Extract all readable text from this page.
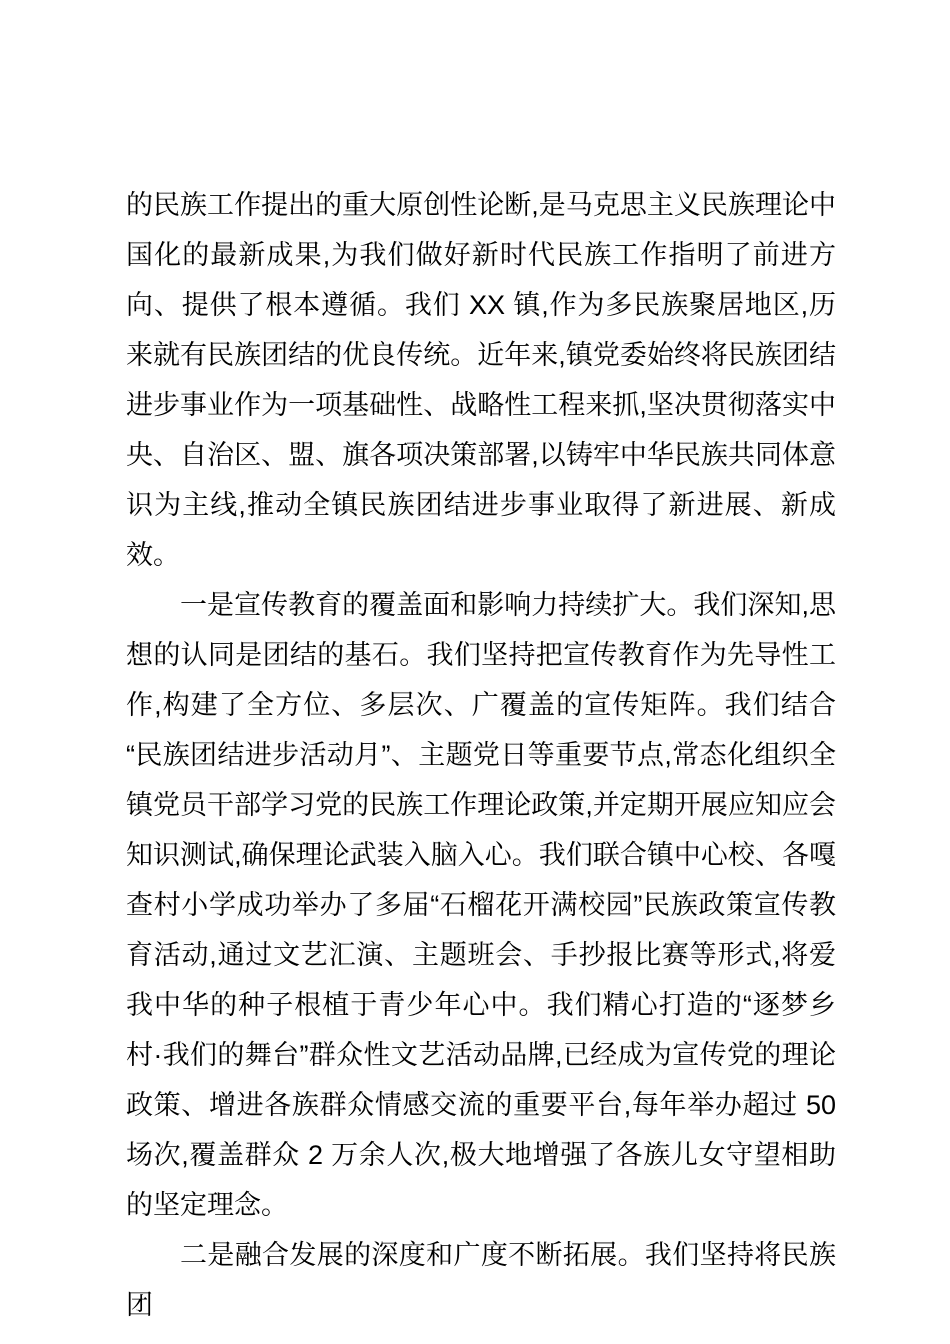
的民族工作提出的重大原创性论断,是马克思主义民族理论中国化的最新成果,为我们做好新时代民族工作指明了前进方向、提供了根本遵循。我们 XX 镇,作为多民族聚居地区,历来就有民族团结的优良传统。近年来,镇党委始终将民族团结进步事业作为一项基础性、战略性工程来抓,坚决贯彻落实中央、自治区、盟、旗各项决策部署,以铸牢中华民族共同体意识为主线,推动全镇民族团结进步事业取得了新进展、新成效。

一是宣传教育的覆盖面和影响力持续扩大。我们深知,思想的认同是团结的基石。我们坚持把宣传教育作为先导性工作,构建了全方位、多层次、广覆盖的宣传矩阵。我们结合“民族团结进步活动月”、主题党日等重要节点,常态化组织全镇党员干部学习党的民族工作理论政策,并定期开展应知应会知识测试,确保理论武装入脑入心。我们联合镇中心校、各嘎查村小学成功举办了多届“石榴花开满校园”民族政策宣传教育活动,通过文艺汇演、主题班会、手抄报比赛等形式,将爱我中华的种子根植于青少年心中。我们精心打造的“逐梦乡村·我们的舞台”群众性文艺活动品牌,已经成为宣传党的理论政策、增进各族群众情感交流的重要平台,每年举办超过 50 场次,覆盖群众 2 万余人次,极大地增强了各族儿女守望相助的坚定理念。

二是融合发展的深度和广度不断拓展。我们坚持将民族团
